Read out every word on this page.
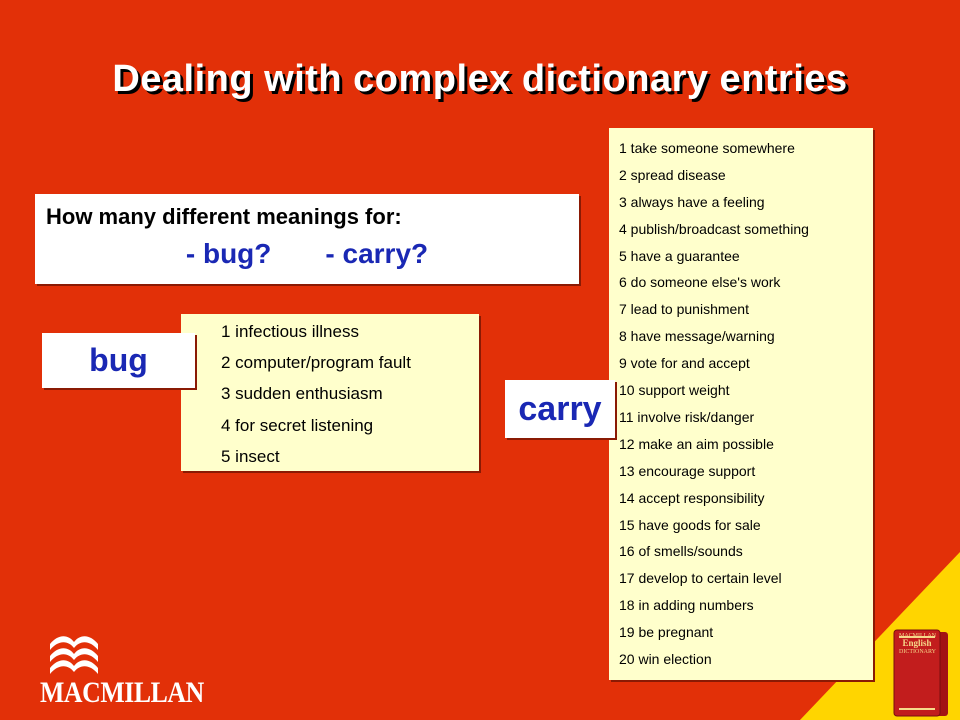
Dealing with complex dictionary entries
How many different meanings for:
- bug? - carry?
1 infectious illness
2 computer/program fault
3 sudden enthusiasm
4 for secret listening
5 insect
bug
1 take someone somewhere
2 spread disease
3 always have a feeling
4 publish/broadcast something
5 have a guarantee
6 do someone else's work
7 lead to punishment
8 have message/warning
9 vote for and accept
10 support weight
11 involve risk/danger
12 make an aim possible
13 encourage support
14 accept responsibility
15 have goods for sale
16 of smells/sounds
17 develop to certain level
18 in adding numbers
19 be pregnant
20 win election
carry
MACMILLAN
MACMILLAN
English
DICTIONARY
